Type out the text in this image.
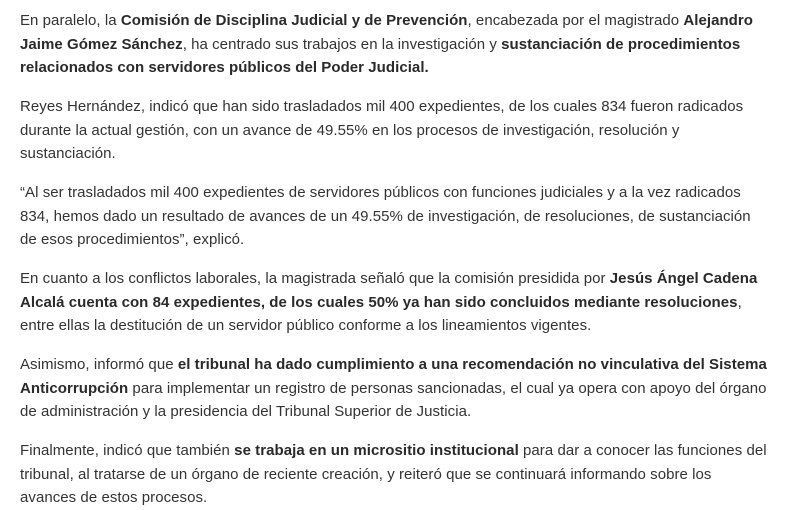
En paralelo, la Comisión de Disciplina Judicial y de Prevención, encabezada por el magistrado Alejandro Jaime Gómez Sánchez, ha centrado sus trabajos en la investigación y sustanciación de procedimientos relacionados con servidores públicos del Poder Judicial.

Reyes Hernández, indicó que han sido trasladados mil 400 expedientes, de los cuales 834 fueron radicados durante la actual gestión, con un avance de 49.55% en los procesos de investigación, resolución y sustanciación.

“Al ser trasladados mil 400 expedientes de servidores públicos con funciones judiciales y a la vez radicados 834, hemos dado un resultado de avances de un 49.55% de investigación, de resoluciones, de sustanciación de esos procedimientos”, explicó.

En cuanto a los conflictos laborales, la magistrada señaló que la comisión presidida por Jesús Ángel Cadena Alcalá cuenta con 84 expedientes, de los cuales 50% ya han sido concluidos mediante resoluciones, entre ellas la destitución de un servidor público conforme a los lineamientos vigentes.

Asimismo, informó que el tribunal ha dado cumplimiento a una recomendación no vinculativa del Sistema Anticorrupción para implementar un registro de personas sancionadas, el cual ya opera con apoyo del órgano de administración y la presidencia del Tribunal Superior de Justicia.

Finalmente, indicó que también se trabaja en un micrositio institucional para dar a conocer las funciones del tribunal, al tratarse de un órgano de reciente creación, y reiteró que se continuará informando sobre los avances de estos procesos.
